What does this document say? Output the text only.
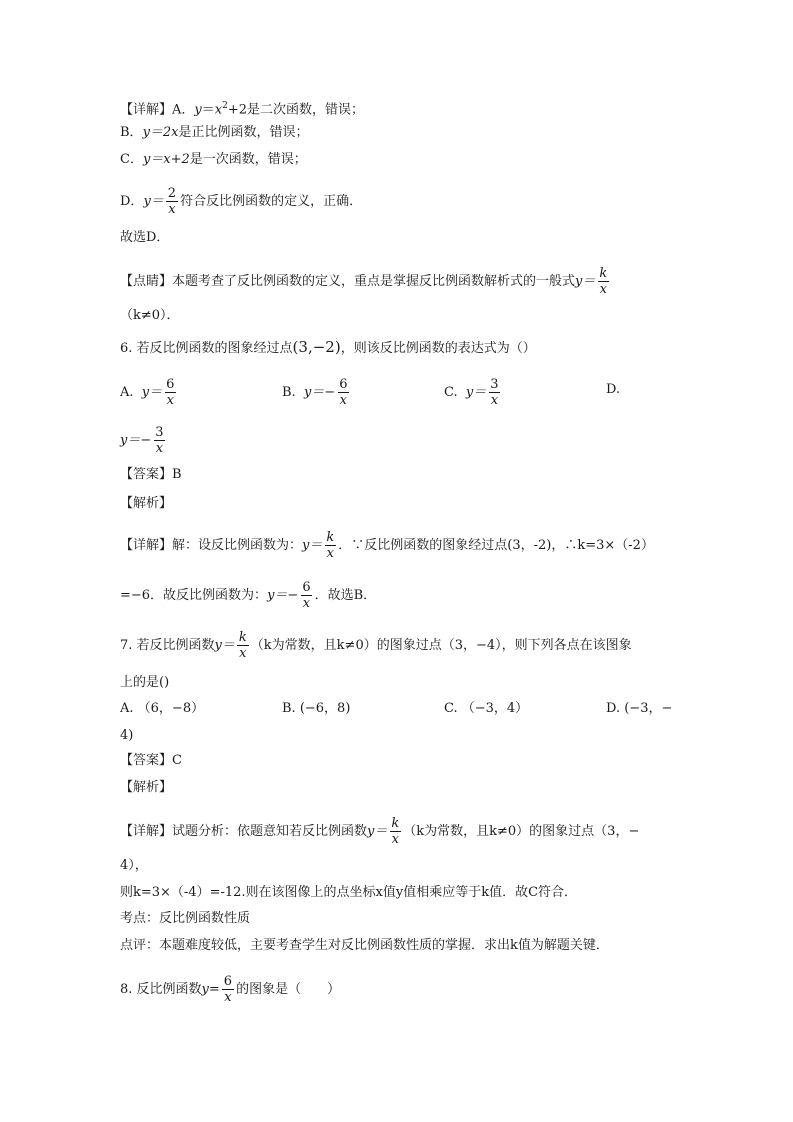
【详解】A．$y=x^2+2$是二次函数，错误；
B．y＝2x是正比例函数，错误；
C．y＝x+2是一次函数，错误；
D．$y= \frac{2}{x}$ 符合反比例函数的定义，正确．
故选D．
【点睛】本题考查了反比例函数的定义，重点是掌握反比例函数解析式的一般式$y= \frac{k}{x}$
（k≠0）．
6. 若反比例函数的图象经过点(3,−2)，则该反比例函数的表达式为（）
A. $y= \frac{6}{x}$	B. $y=- \frac{6}{x}$	C. $y= \frac{3}{x}$	D.
$y=- \frac{3}{x}$
【答案】B
【解析】
【详解】解：设反比例函数为：$y= \frac{k}{x}$ ．∵反比例函数的图象经过点(3，-2)，∴k=3×（-2）
=−6．故反比例函数为：$y=- \frac{6}{x}$ ．故选B．
7. 若反比例函数$y= \frac{k}{x} (k$为常数，且k≠0）的图象过点（3，−4），则下列各点在该图象
上的是()
A. （6，−8）	B. (−6，8)	C. （−3，4）	D. (−3，−
4)
【答案】C
【解析】
【详解】试题分析：依题意知若反比例函数$y= \frac{k}{x} (k$为常数，且k≠0）的图象过点（3，−
4），
则k=3×（-4）=-12.则在该图像上的点坐标x值y值相乘应等于k值．故C符合．
考点：反比例函数性质
点评：本题难度较低，主要考查学生对反比例函数性质的掌握．求出k值为解题关键．
8. 反比例函数$y= \frac{6}{x}$ 的图象是（　　）
